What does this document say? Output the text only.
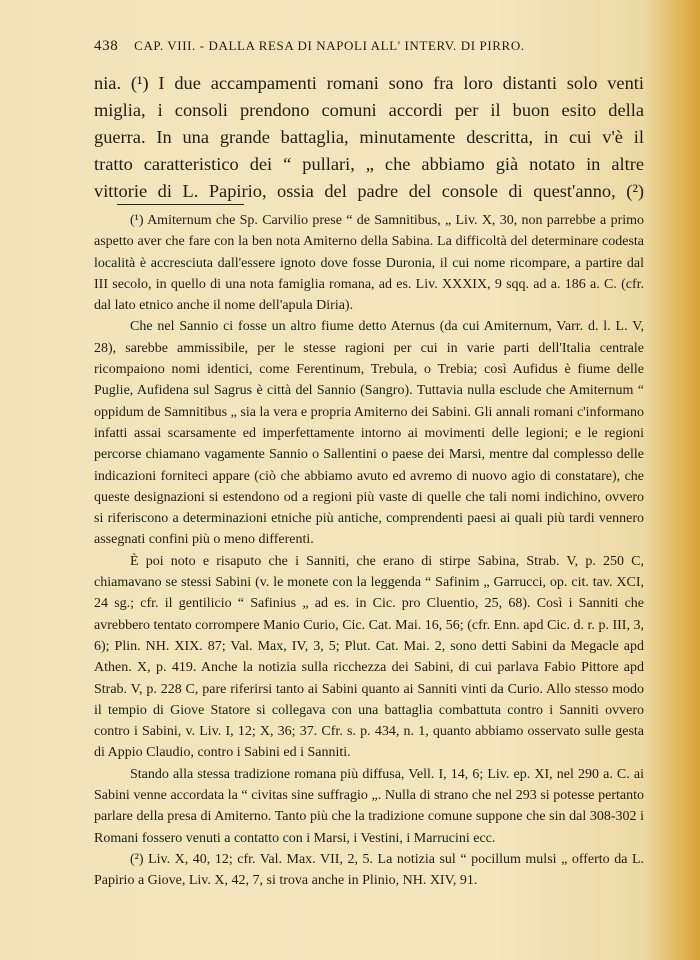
438 CAP. VIII. - DALLA RESA DI NAPOLI ALL' INTERV. DI PIRRO.
nia. (¹) I due accampamenti romani sono fra loro distanti solo venti
miglia, i consoli prendono comuni accordi per il buon esito della
guerra. In una grande battaglia, minutamente descritta, in cui v'è il
tratto caratteristico dei “ pullari, „ che abbiamo già notato in altre
vittorie di L. Papirio, ossia del padre del console di quest'anno, (²)

(¹) Amiternum che Sp. Carvilio prese “ de Samnitibus, „ Liv. X, 30, non parrebbe a primo aspetto aver che fare con la ben nota Amiterno della Sabina. La difficoltà del determinare codesta località è accresciuta dall'essere ignoto dove fosse Duronia, il cui nome ricompare, a partire dal III secolo, in quello di una nota famiglia romana, ad es. Liv. XXXIX, 9 sqq. ad a. 186 a. C. (cfr. dal lato etnico anche il nome dell'apula Diria).

Che nel Sannio ci fosse un altro fiume detto Aternus (da cui Amiternum, Varr. d. l. L. V, 28), sarebbe ammissibile, per le stesse ragioni per cui in varie parti dell'Italia centrale ricompaiono nomi identici, come Ferentinum, Trebula, o Trebia; così Aufidus è fiume delle Puglie, Aufidena sul Sagrus è città del Sannio (Sangro). Tuttavia nulla esclude che Amiternum “ oppidum de Samnitibus „ sia la vera e propria Amiterno dei Sabini. Gli annali romani c'informano infatti assai scarsamente ed imperfettamente intorno ai movimenti delle legioni; e le regioni percorse chiamano vagamente Sannio o Sallentini o paese dei Marsi, mentre dal complesso delle indicazioni forniteci appare (ciò che abbiamo avuto ed avremo di nuovo agio di constatare), che queste designazioni si estendono od a regioni più vaste di quelle che tali nomi indichino, ovvero si riferiscono a determinazioni etniche più antiche, comprendenti paesi ai quali più tardi vennero assegnati confini più o meno differenti.

È poi noto e risaputo che i Sanniti, che erano di stirpe Sabina, Strab. V, p. 250 C, chiamavano se stessi Sabini (v. le monete con la leggenda “ Safinim „ Garrucci, op. cit. tav. XCI, 24 sg.; cfr. il gentilicio “ Safinius „ ad es. in Cic. pro Cluentio, 25, 68). Così i Sanniti che avrebbero tentato corrompere Manio Curio, Cic. Cat. Mai. 16, 56; (cfr. Enn. apd Cic. d. r. p. III, 3, 6); Plin. NH. XIX. 87; Val. Max, IV, 3, 5; Plut. Cat. Mai. 2, sono detti Sabini da Megacle apd Athen. X, p. 419. Anche la notizia sulla ricchezza dei Sabini, di cui parlava Fabio Pittore apd Strab. V, p. 228 C, pare riferirsi tanto ai Sabini quanto ai Sanniti vinti da Curio. Allo stesso modo il tempio di Giove Statore si collegava con una battaglia combattuta contro i Sanniti ovvero contro i Sabini, v. Liv. I, 12; X, 36; 37. Cfr. s. p. 434, n. 1, quanto abbiamo osservato sulle gesta di Appio Claudio, contro i Sabini ed i Sanniti.

Stando alla stessa tradizione romana più diffusa, Vell. I, 14, 6; Liv. ep. XI, nel 290 a. C. ai Sabini venne accordata la “ civitas sine suffragio „. Nulla di strano che nel 293 si potesse pertanto parlare della presa di Amiterno. Tanto più che la tradizione comune suppone che sin dal 308-302 i Romani fossero venuti a contatto con i Marsi, i Vestini, i Marrucini ecc.

(²) Liv. X, 40, 12; cfr. Val. Max. VII, 2, 5. La notizia sul “ pocillum mulsi „ offerto da L. Papirio a Giove, Liv. X, 42, 7, si trova anche in Plinio, NH. XIV, 91.
